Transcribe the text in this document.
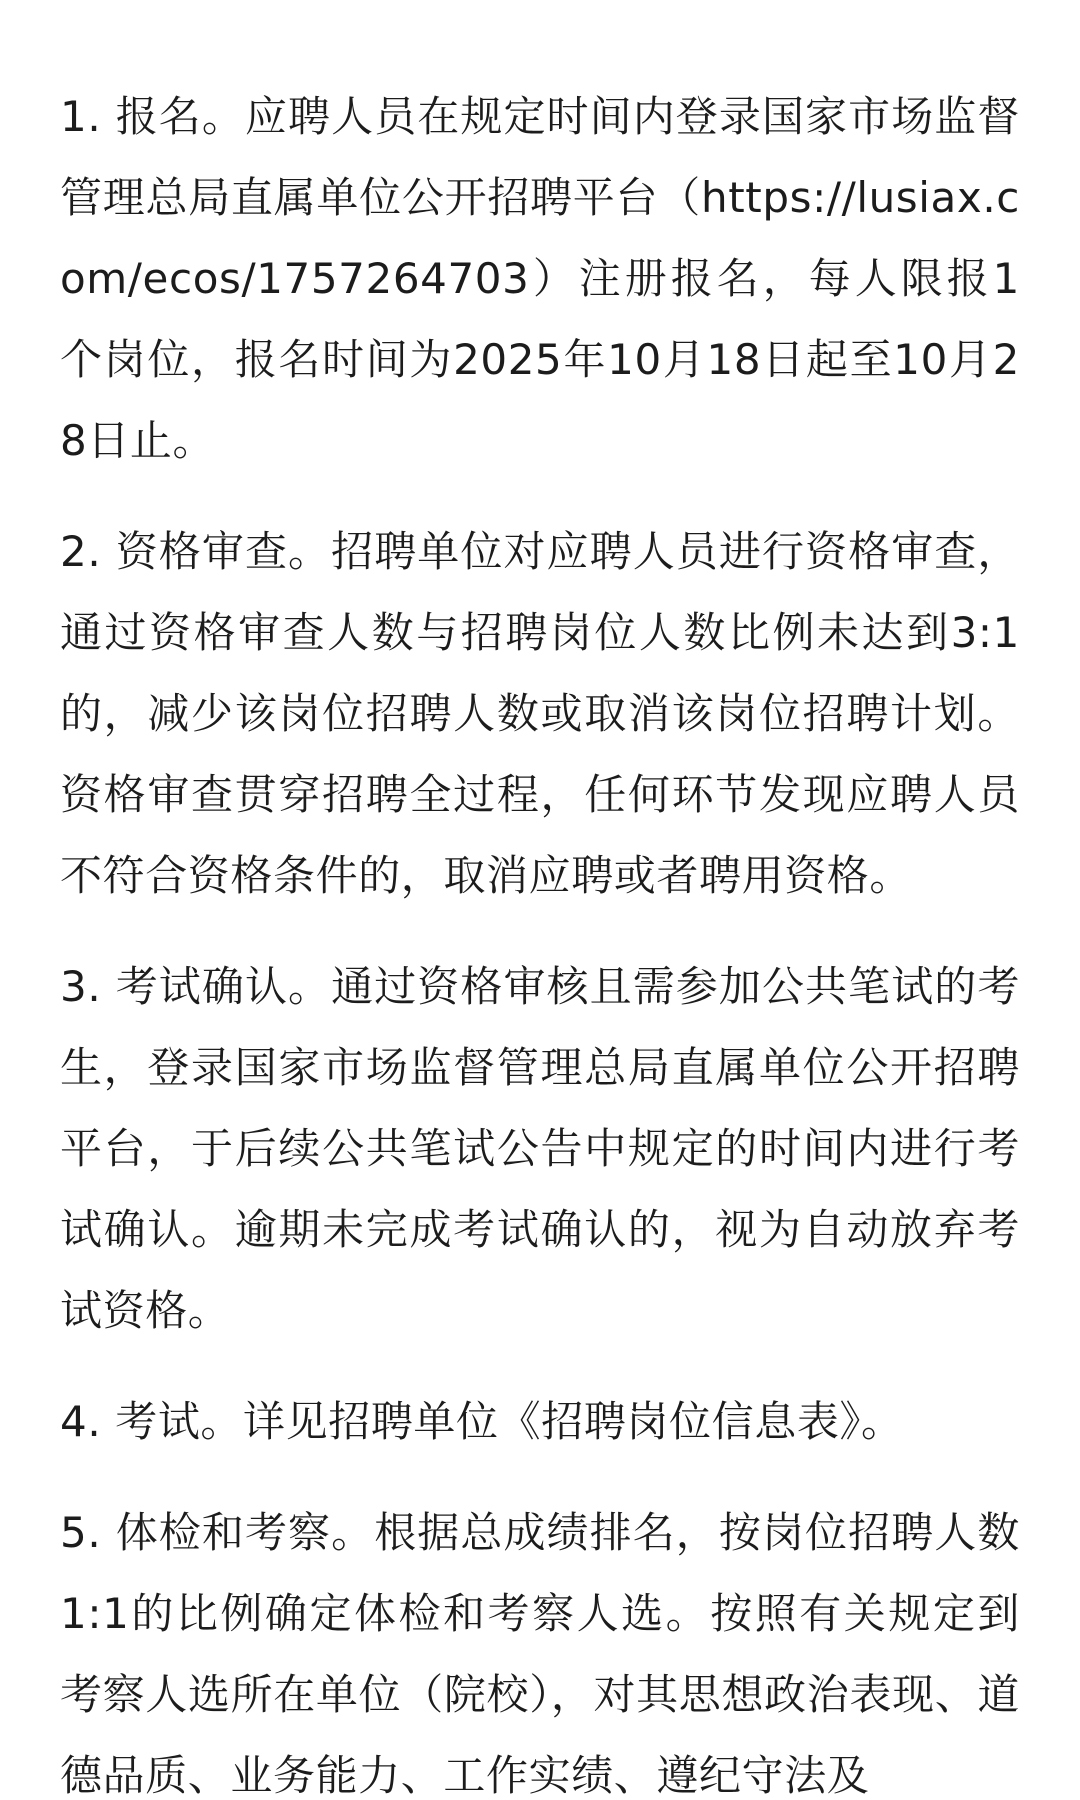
1. 报名。应聘人员在规定时间内登录国家市场监督管理总局直属单位公开招聘平台（https://lusiax.com/ecos/1757264703）注册报名，每人限报1个岗位，报名时间为2025年10月18日起至10月28日止。

2. 资格审查。招聘单位对应聘人员进行资格审查，通过资格审查人数与招聘岗位人数比例未达到3:1的，减少该岗位招聘人数或取消该岗位招聘计划。资格审查贯穿招聘全过程，任何环节发现应聘人员不符合资格条件的，取消应聘或者聘用资格。

3. 考试确认。通过资格审核且需参加公共笔试的考生，登录国家市场监督管理总局直属单位公开招聘平台，于后续公共笔试公告中规定的时间内进行考试确认。逾期未完成考试确认的，视为自动放弃考试资格。

4. 考试。详见招聘单位《招聘岗位信息表》。

5. 体检和考察。根据总成绩排名，按岗位招聘人数1:1的比例确定体检和考察人选。按照有关规定到考察人选所在单位（院校），对其思想政治表现、道德品质、业务能力、工作实绩、遵纪守法及
